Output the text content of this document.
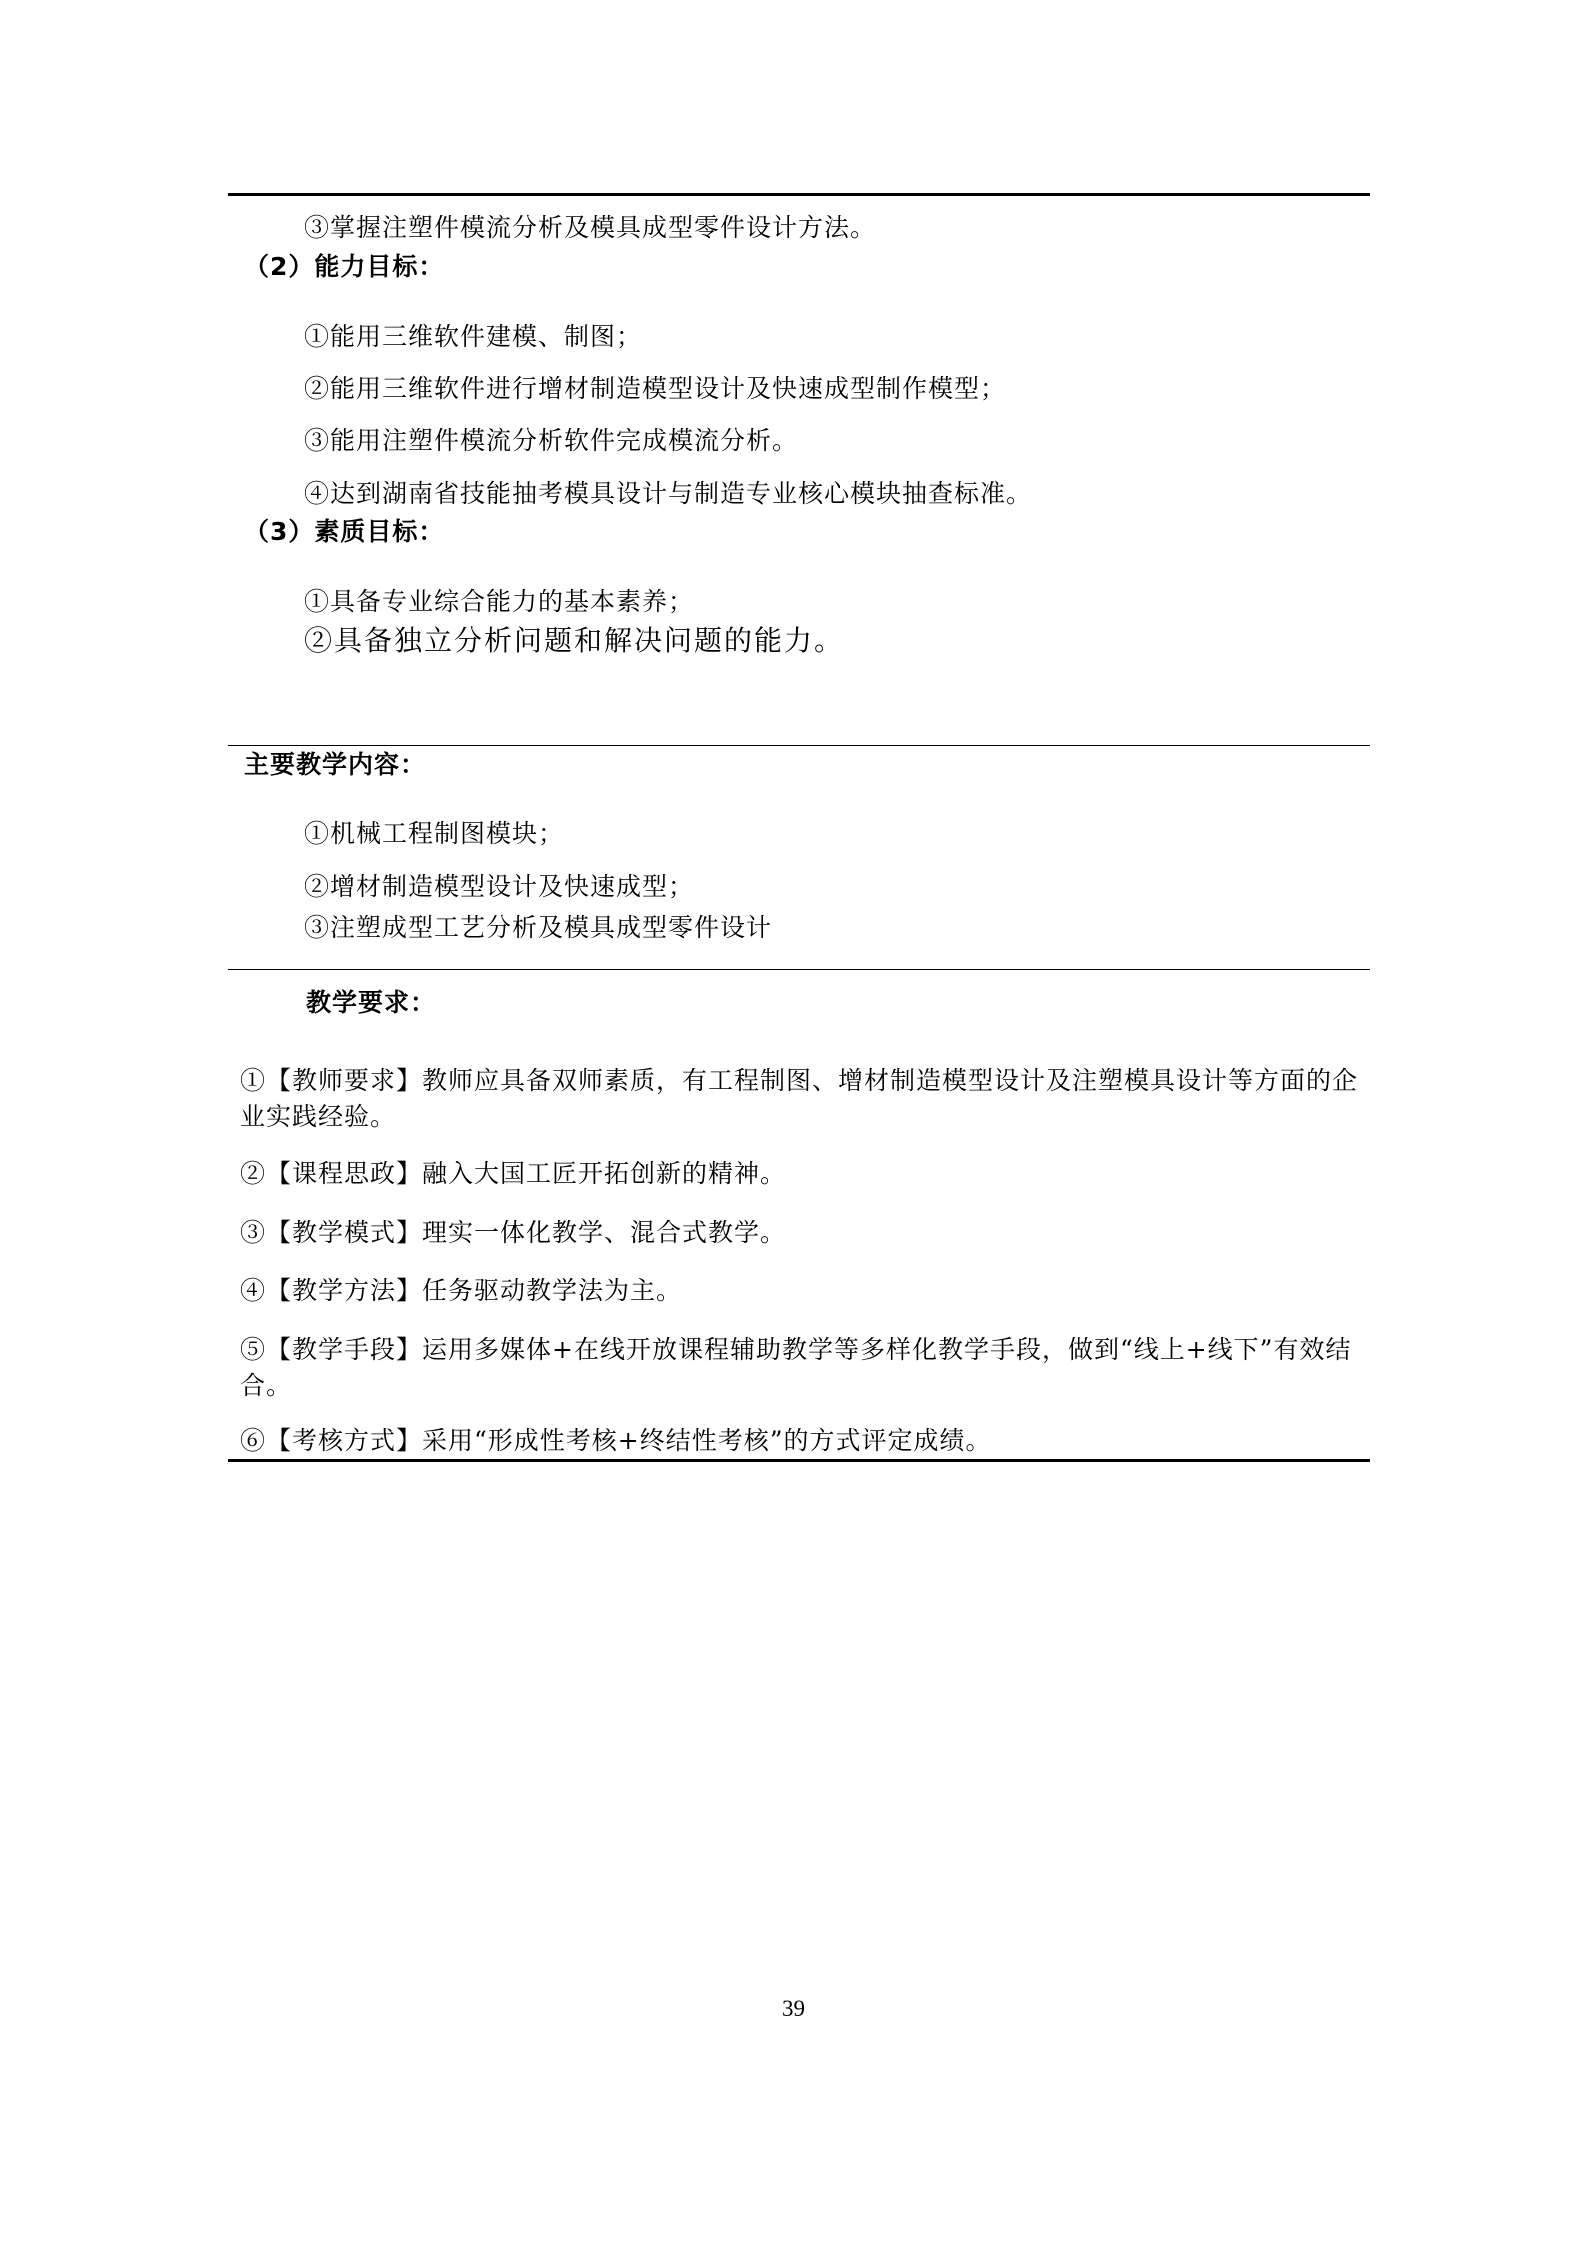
③掌握注塑件模流分析及模具成型零件设计方法。
（2）能力目标：
①能用三维软件建模、制图；
②能用三维软件进行增材制造模型设计及快速成型制作模型；
③能用注塑件模流分析软件完成模流分析。
④达到湖南省技能抽考模具设计与制造专业核心模块抽查标准。
（3）素质目标：
①具备专业综合能力的基本素养；
②具备独立分析问题和解决问题的能力。
主要教学内容：
①机械工程制图模块；
②增材制造模型设计及快速成型；
③注塑成型工艺分析及模具成型零件设计
教学要求：
①【教师要求】教师应具备双师素质，有工程制图、增材制造模型设计及注塑模具设计等方面的企业实践经验。
②【课程思政】融入大国工匠开拓创新的精神。
③【教学模式】理实一体化教学、混合式教学。
④【教学方法】任务驱动教学法为主。
⑤【教学手段】运用多媒体+在线开放课程辅助教学等多样化教学手段，做到“线上+线下”有效结合。
⑥【考核方式】采用“形成性考核+终结性考核”的方式评定成绩。
39
